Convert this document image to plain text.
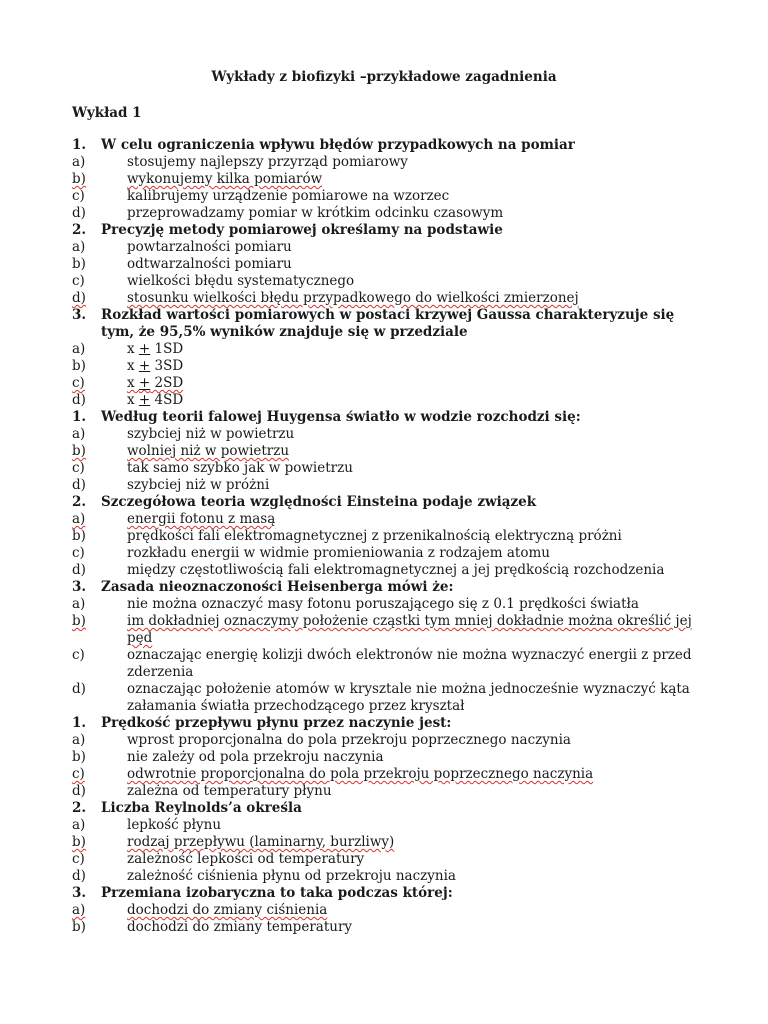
Wykłady z biofizyki –przykładowe zagadnienia
Wykład 1
1.	W celu ograniczenia wpływu błędów przypadkowych na pomiar
a)	stosujemy najlepszy przyrząd pomiarowy
b)	wykonujemy kilka pomiarów
c)	kalibrujemy urządzenie pomiarowe na wzorzec
d)	przeprowadzamy pomiar w krótkim odcinku czasowym
2.	Precyzję metody pomiarowej określamy na podstawie
a)	powtarzalności pomiaru
b)	odtwarzalności pomiaru
c)	wielkości błędu systematycznego
d)	stosunku wielkości błędu przypadkowego do wielkości zmierzonej
3.	Rozkład wartości pomiarowych w postaci krzywej Gaussa charakteryzuje się tym, że 95,5% wyników znajduje się w przedziale
a)	x + 1SD
b)	x + 3SD
c)	x + 2SD
d)	x + 4SD
1.	Według teorii falowej Huygensa światło w wodzie rozchodzi się:
a)	szybciej niż w powietrzu
b)	wolniej niż w powietrzu
c)	tak samo szybko jak w powietrzu
d)	szybciej niż w próżni
2.	Szczegółowa teoria względności Einsteina podaje związek
a)	energii fotonu z masą
b)	prędkości fali elektromagnetycznej z przenikalnością elektryczną próżni
c)	rozkładu energii w widmie promieniowania z rodzajem atomu
d)	między częstotliwością fali elektromagnetycznej a jej prędkością rozchodzenia
3.	Zasada nieoznaczoności Heisenberga mówi że:
a)	nie można oznaczyć masy fotonu poruszającego się z 0.1 prędkości światła
b)	im dokładniej oznaczymy położenie cząstki tym mniej dokładnie można określić jej pęd
c)	oznaczając energię kolizji dwóch elektronów nie można wyznaczyć energii z przed zderzenia
d)	oznaczając położenie atomów w krysztale nie można jednocześnie wyznaczyć kąta załamania światła przechodzącego przez kryształ
1.	Prędkość przepływu płynu przez naczynie jest:
a)	wprost proporcjonalna do pola przekroju poprzecznego naczynia
b)	nie zależy od pola przekroju naczynia
c)	odwrotnie proporcjonalna do pola przekroju poprzecznego naczynia
d)	zależna od temperatury płynu
2.	Liczba Reylnolds’a określa
a)	lepkość płynu
b)	rodzaj przepływu (laminarny, burzliwy)
c)	zależność lepkości od temperatury
d)	zależność ciśnienia płynu od przekroju naczynia
3.	Przemiana izobaryczna to taka podczas której:
a)	dochodzi do zmiany ciśnienia
b)	dochodzi do zmiany temperatury
